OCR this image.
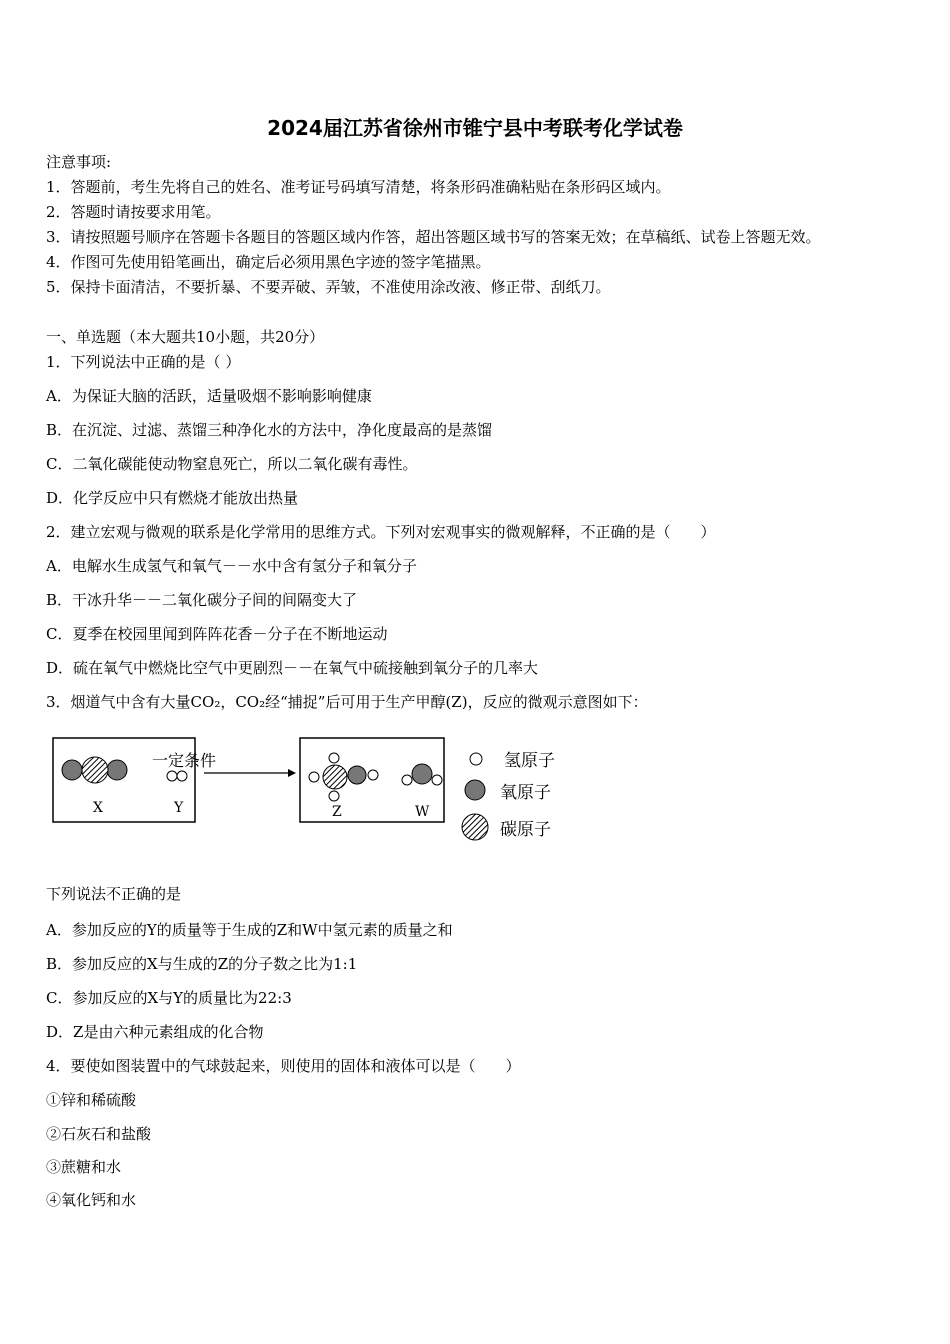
2024届江苏省徐州市锥宁县中考联考化学试卷
注意事项:
1．答题前，考生先将自己的姓名、准考证号码填写清楚，将条形码准确粘贴在条形码区域内。
2．答题时请按要求用笔。
3．请按照题号顺序在答题卡各题目的答题区域内作答，超出答题区域书写的答案无效；在草稿纸、试卷上答题无效。
4．作图可先使用铅笔画出，确定后必须用黑色字迹的签字笔描黑。
5．保持卡面清洁，不要折暴、不要弄破、弄皱，不准使用涂改液、修正带、刮纸刀。
一、单选题（本大题共10小题，共20分）
1．下列说法中正确的是（ ）
A．为保证大脑的活跃，适量吸烟不影响影响健康
B．在沉淀、过滤、蒸馏三种净化水的方法中，净化度最高的是蒸馏
C．二氧化碳能使动物窒息死亡，所以二氧化碳有毒性。
D．化学反应中只有燃烧才能放出热量
2．建立宏观与微观的联系是化学常用的思维方式。下列对宏观事实的微观解释，不正确的是（　　）
A．电解水生成氢气和氧气－－水中含有氢分子和氧分子
B．干冰升华－－二氧化碳分子间的间隔变大了
C．夏季在校园里闻到阵阵花香－分子在不断地运动
D．硫在氧气中燃烧比空气中更剧烈－－在氧气中硫接触到氧分子的几率大
3．烟道气中含有大量CO₂，CO₂经“捕捉”后可用于生产甲醇(Z)，反应的微观示意图如下：
一定条件
X	Y	Z	W
氢原子
氧原子
碳原子
下列说法不正确的是
A．参加反应的Y的质量等于生成的Z和W中氢元素的质量之和
B．参加反应的X与生成的Z的分子数之比为1:1
C．参加反应的X与Y的质量比为22:3
D．Z是由六种元素组成的化合物
4．要使如图装置中的气球鼓起来，则使用的固体和液体可以是（　　）
①锌和稀硫酸
②石灰石和盐酸
③蔗糖和水
④氧化钙和水
